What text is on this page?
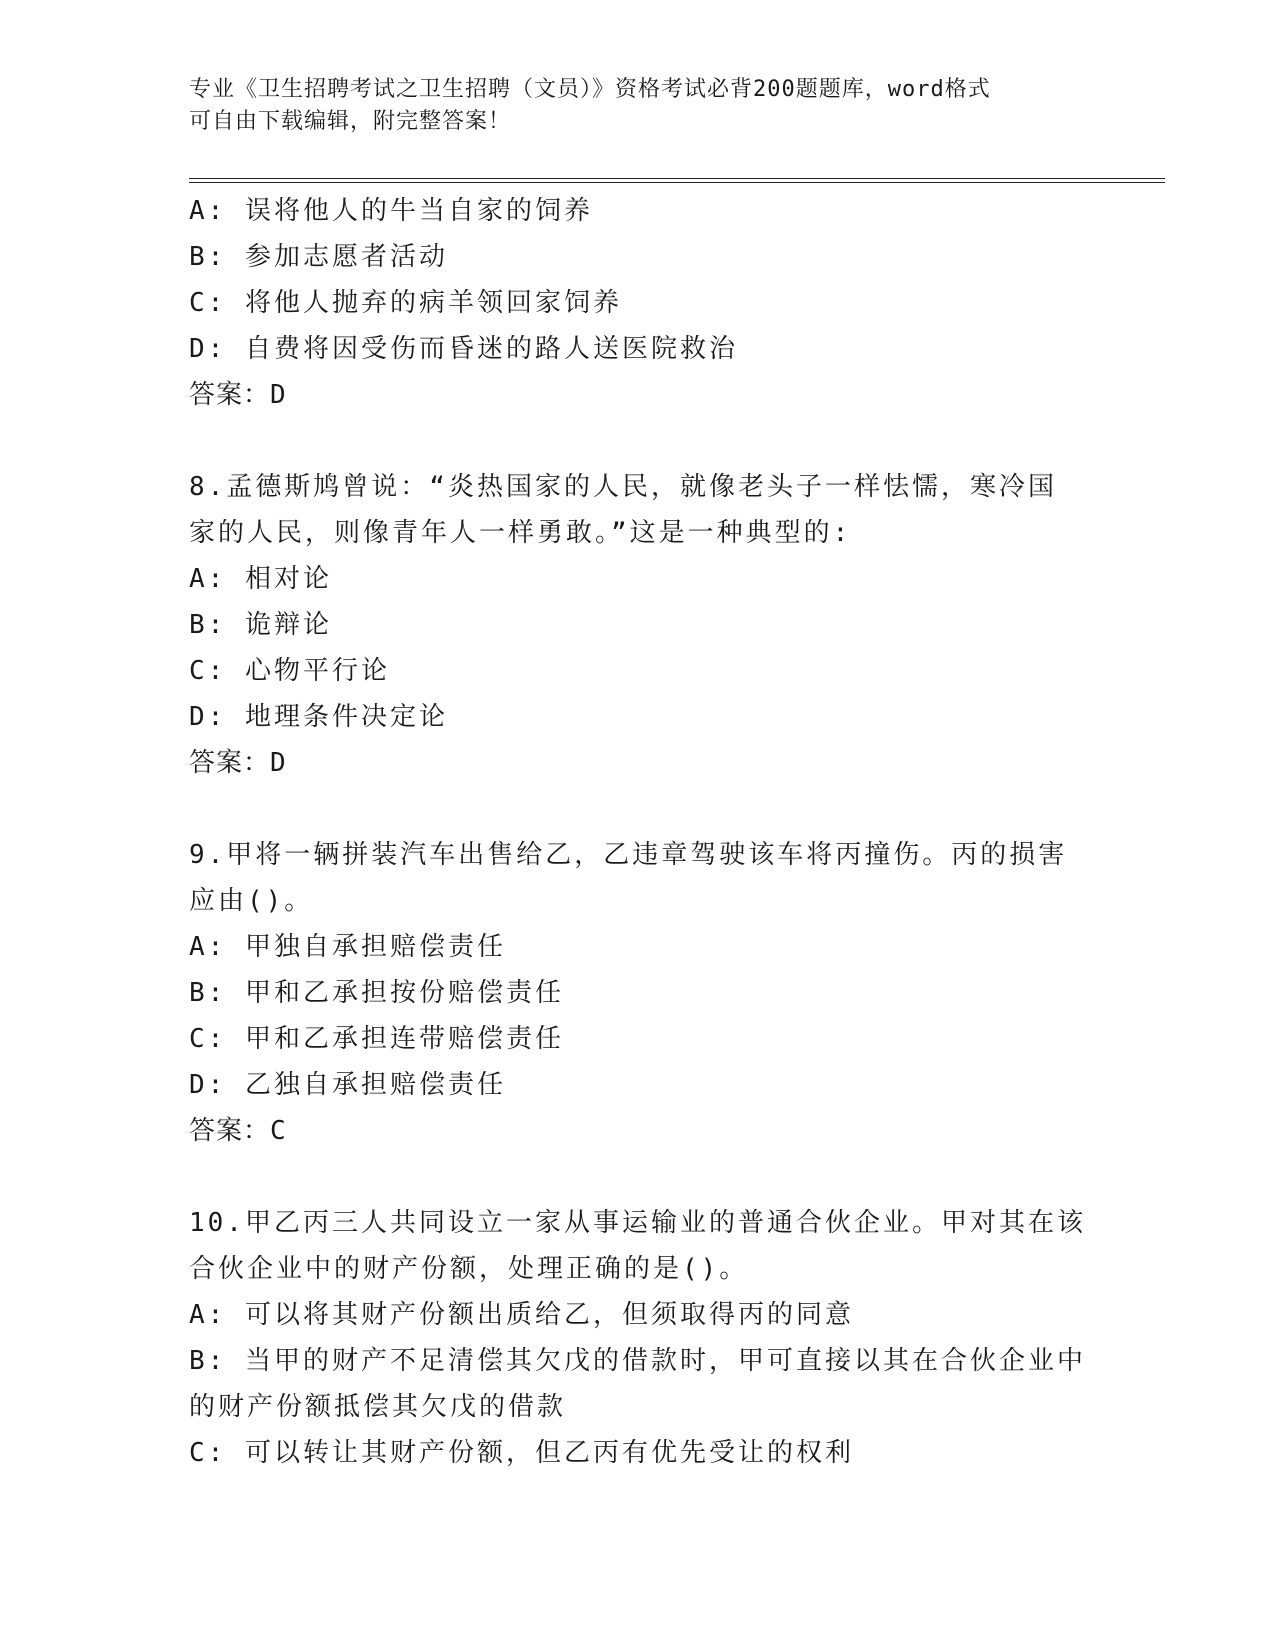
专业《卫生招聘考试之卫生招聘（文员）》资格考试必背200题题库，word格式
可自由下载编辑，附完整答案！

A: 误将他人的牛当自家的饲养

B: 参加志愿者活动

C: 将他人抛弃的病羊领回家饲养

D: 自费将因受伤而昏迷的路人送医院救治

答案：D

8.孟德斯鸠曾说：“炎热国家的人民，就像老头子一样怯懦，寒冷国

家的人民，则像青年人一样勇敢。”这是一种典型的:

A: 相对论

B: 诡辩论

C: 心物平行论

D: 地理条件决定论

答案：D

9.甲将一辆拼装汽车出售给乙，乙违章驾驶该车将丙撞伤。丙的损害

应由()。

A: 甲独自承担赔偿责任

B: 甲和乙承担按份赔偿责任

C: 甲和乙承担连带赔偿责任

D: 乙独自承担赔偿责任

答案：C

10.甲乙丙三人共同设立一家从事运输业的普通合伙企业。甲对其在该

合伙企业中的财产份额，处理正确的是()。

A: 可以将其财产份额出质给乙，但须取得丙的同意

B: 当甲的财产不足清偿其欠戊的借款时，甲可直接以其在合伙企业中

的财产份额抵偿其欠戊的借款

C: 可以转让其财产份额，但乙丙有优先受让的权利
